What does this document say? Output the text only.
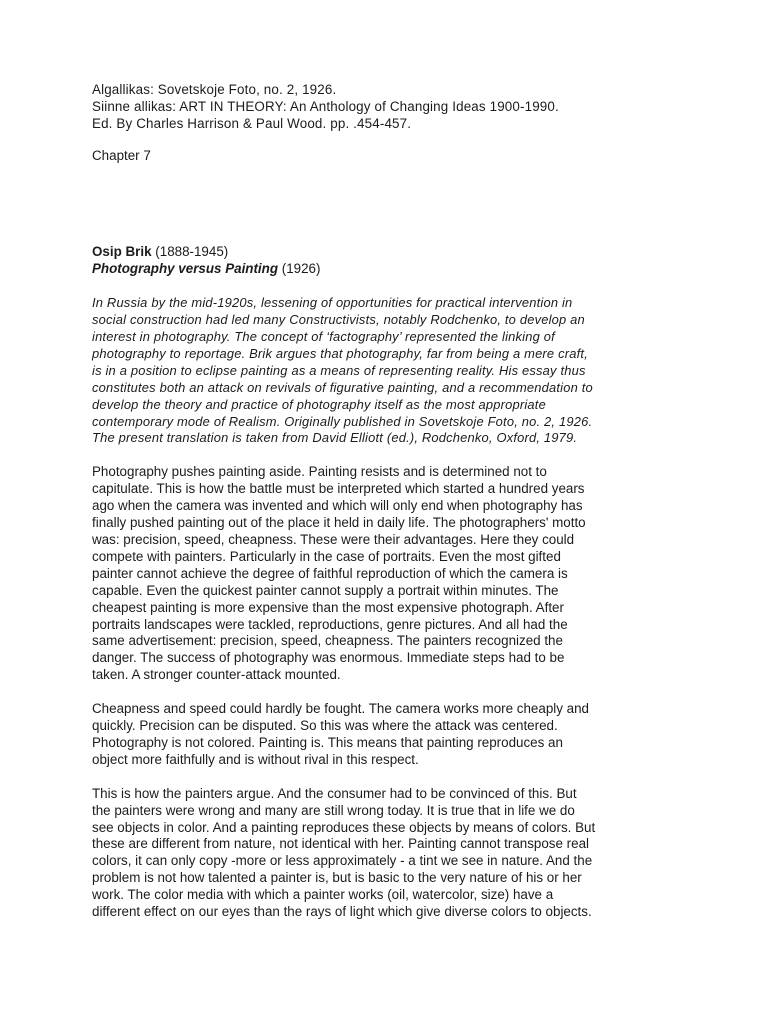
Algallikas: Sovetskoje Foto, no. 2, 1926.
Siinne allikas: ART IN THEORY: An Anthology of Changing Ideas 1900-1990.
Ed. By Charles Harrison & Paul Wood. pp. .454-457.
Chapter 7
Osip Brik (1888-1945)
Photography versus Painting (1926)
In Russia by the mid-1920s, lessening of opportunities for practical intervention in
social construction had led many Constructivists, notably Rodchenko, to develop an
interest in photography. The concept of ‘factography’ represented the linking of
photography to reportage. Brik argues that photography, far from being a mere craft,
is in a position to eclipse painting as a means of representing reality. His essay thus
constitutes both an attack on revivals of figurative painting, and a recommendation to
develop the theory and practice of photography itself as the most appropriate
contemporary mode of Realism. Originally published in Sovetskoje Foto, no. 2, 1926.
The present translation is taken from David Elliott (ed.), Rodchenko, Oxford, 1979.
Photography pushes painting aside. Painting resists and is determined not to
capitulate. This is how the battle must be interpreted which started a hundred years
ago when the camera was invented and which will only end when photography has
finally pushed painting out of the place it held in daily life. The photographers' motto
was: precision, speed, cheapness. These were their advantages. Here they could
compete with painters. Particularly in the case of portraits. Even the most gifted
painter cannot achieve the degree of faithful reproduction of which the camera is
capable. Even the quickest painter cannot supply a portrait within minutes. The
cheapest painting is more expensive than the most expensive photograph. After
portraits landscapes were tackled, reproductions, genre pictures. And all had the
same advertisement: precision, speed, cheapness. The painters recognized the
danger. The success of photography was enormous. Immediate steps had to be
taken. A stronger counter-attack mounted.
Cheapness and speed could hardly be fought. The camera works more cheaply and
quickly. Precision can be disputed. So this was where the attack was centered.
Photography is not colored. Painting is. This means that painting reproduces an
object more faithfully and is without rival in this respect.
This is how the painters argue. And the consumer had to be convinced of this. But
the painters were wrong and many are still wrong today. It is true that in life we do
see objects in color. And a painting reproduces these objects by means of colors. But
these are different from nature, not identical with her. Painting cannot transpose real
colors, it can only copy -more or less approximately - a tint we see in nature. And the
problem is not how talented a painter is, but is basic to the very nature of his or her
work. The color media with which a painter works (oil, watercolor, size) have a
different effect on our eyes than the rays of light which give diverse colors to objects.
